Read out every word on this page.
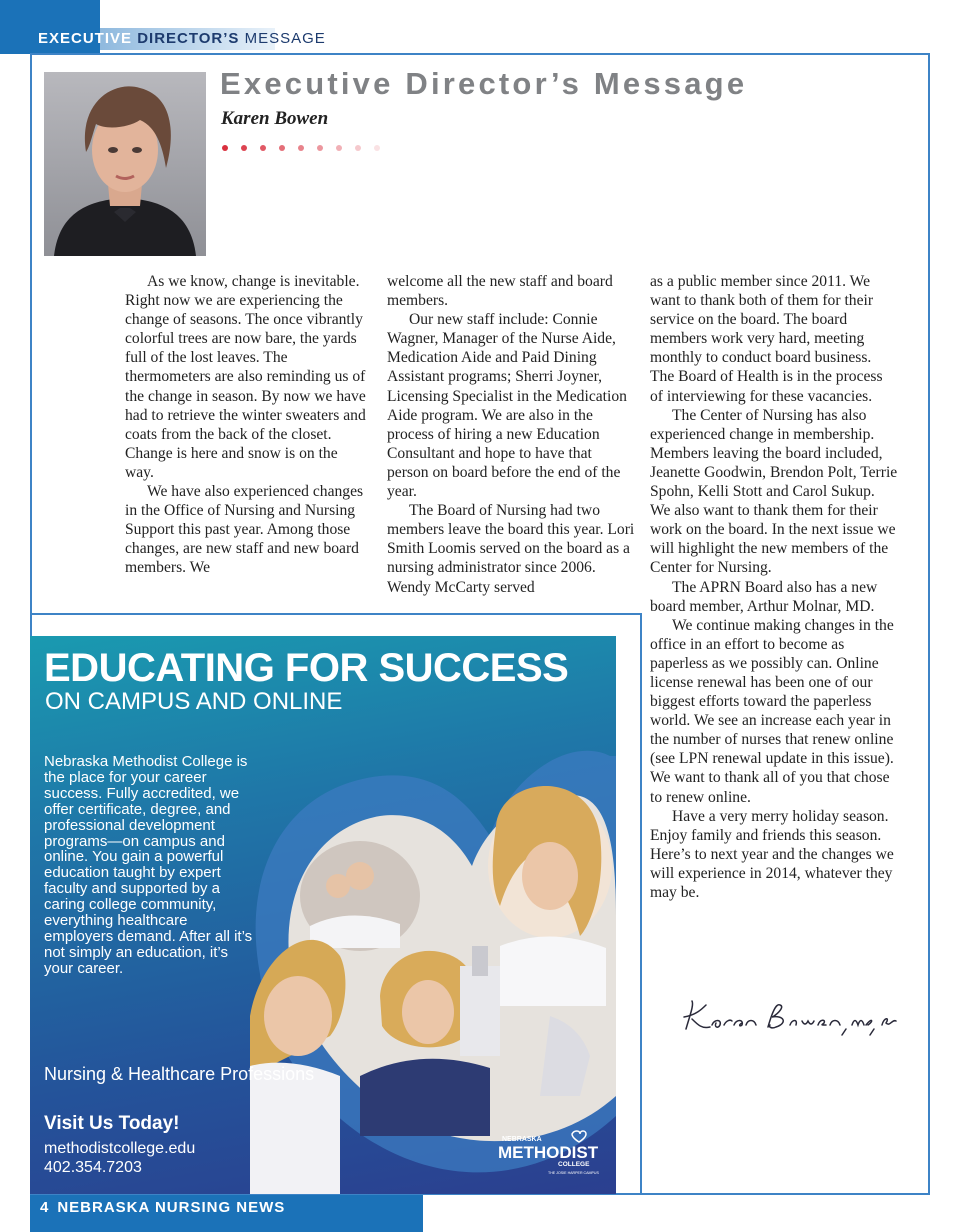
EXECUTIVE DIRECTOR’S MESSAGE
Executive Director’s Message
Karen Bowen

As we know, change is inevitable. Right now we are experiencing the change of seasons. The once vibrantly colorful trees are now bare, the yards full of the lost leaves. The thermometers are also reminding us of the change in season. By now we have had to retrieve the winter sweaters and coats from the back of the closet. Change is here and snow is on the way.

We have also experienced changes in the Office of Nursing and Nursing Support this past year. Among those changes, are new staff and new board members. We

welcome all the new staff and board members.

Our new staff include: Connie Wagner, Manager of the Nurse Aide, Medication Aide and Paid Dining Assistant programs; Sherri Joyner, Licensing Specialist in the Medication Aide program. We are also in the process of hiring a new Education Consultant and hope to have that person on board before the end of the year.

The Board of Nursing had two members leave the board this year. Lori Smith Loomis served on the board as a nursing administrator since 2006. Wendy McCarty served

as a public member since 2011. We want to thank both of them for their service on the board. The board members work very hard, meeting monthly to conduct board business. The Board of Health is in the process of interviewing for these vacancies.

The Center of Nursing has also experienced change in membership. Members leaving the board included, Jeanette Goodwin, Brendon Polt, Terrie Spohn, Kelli Stott and Carol Sukup. We also want to thank them for their work on the board. In the next issue we will highlight the new members of the Center for Nursing.

The APRN Board also has a new board member, Arthur Molnar, MD.

We continue making changes in the office in an effort to become as paperless as we possibly can. Online license renewal has been one of our biggest efforts toward the paperless world. We see an increase each year in the number of nurses that renew online (see LPN renewal update in this issue). We want to thank all of you that chose to renew online.

Have a very merry holiday season. Enjoy family and friends this season. Here’s to next year and the changes we will experience in 2014, whatever they may be.

EDUCATING FOR SUCCESS
ON CAMPUS AND ONLINE
Nebraska Methodist College is the place for your career success. Fully accredited, we offer certificate, degree, and professional development programs—on campus and online. You gain a powerful education taught by expert faculty and supported by a caring college community, everything healthcare employers demand. After all it’s not simply an education, it’s your career.
Nursing & Healthcare Professions
Visit Us Today!
methodistcollege.edu
402.354.7203
NEBRASKA
METHODIST
COLLEGE
THE JOSIE HARPER CAMPUS
4 NEBRASKA NURSING NEWS
